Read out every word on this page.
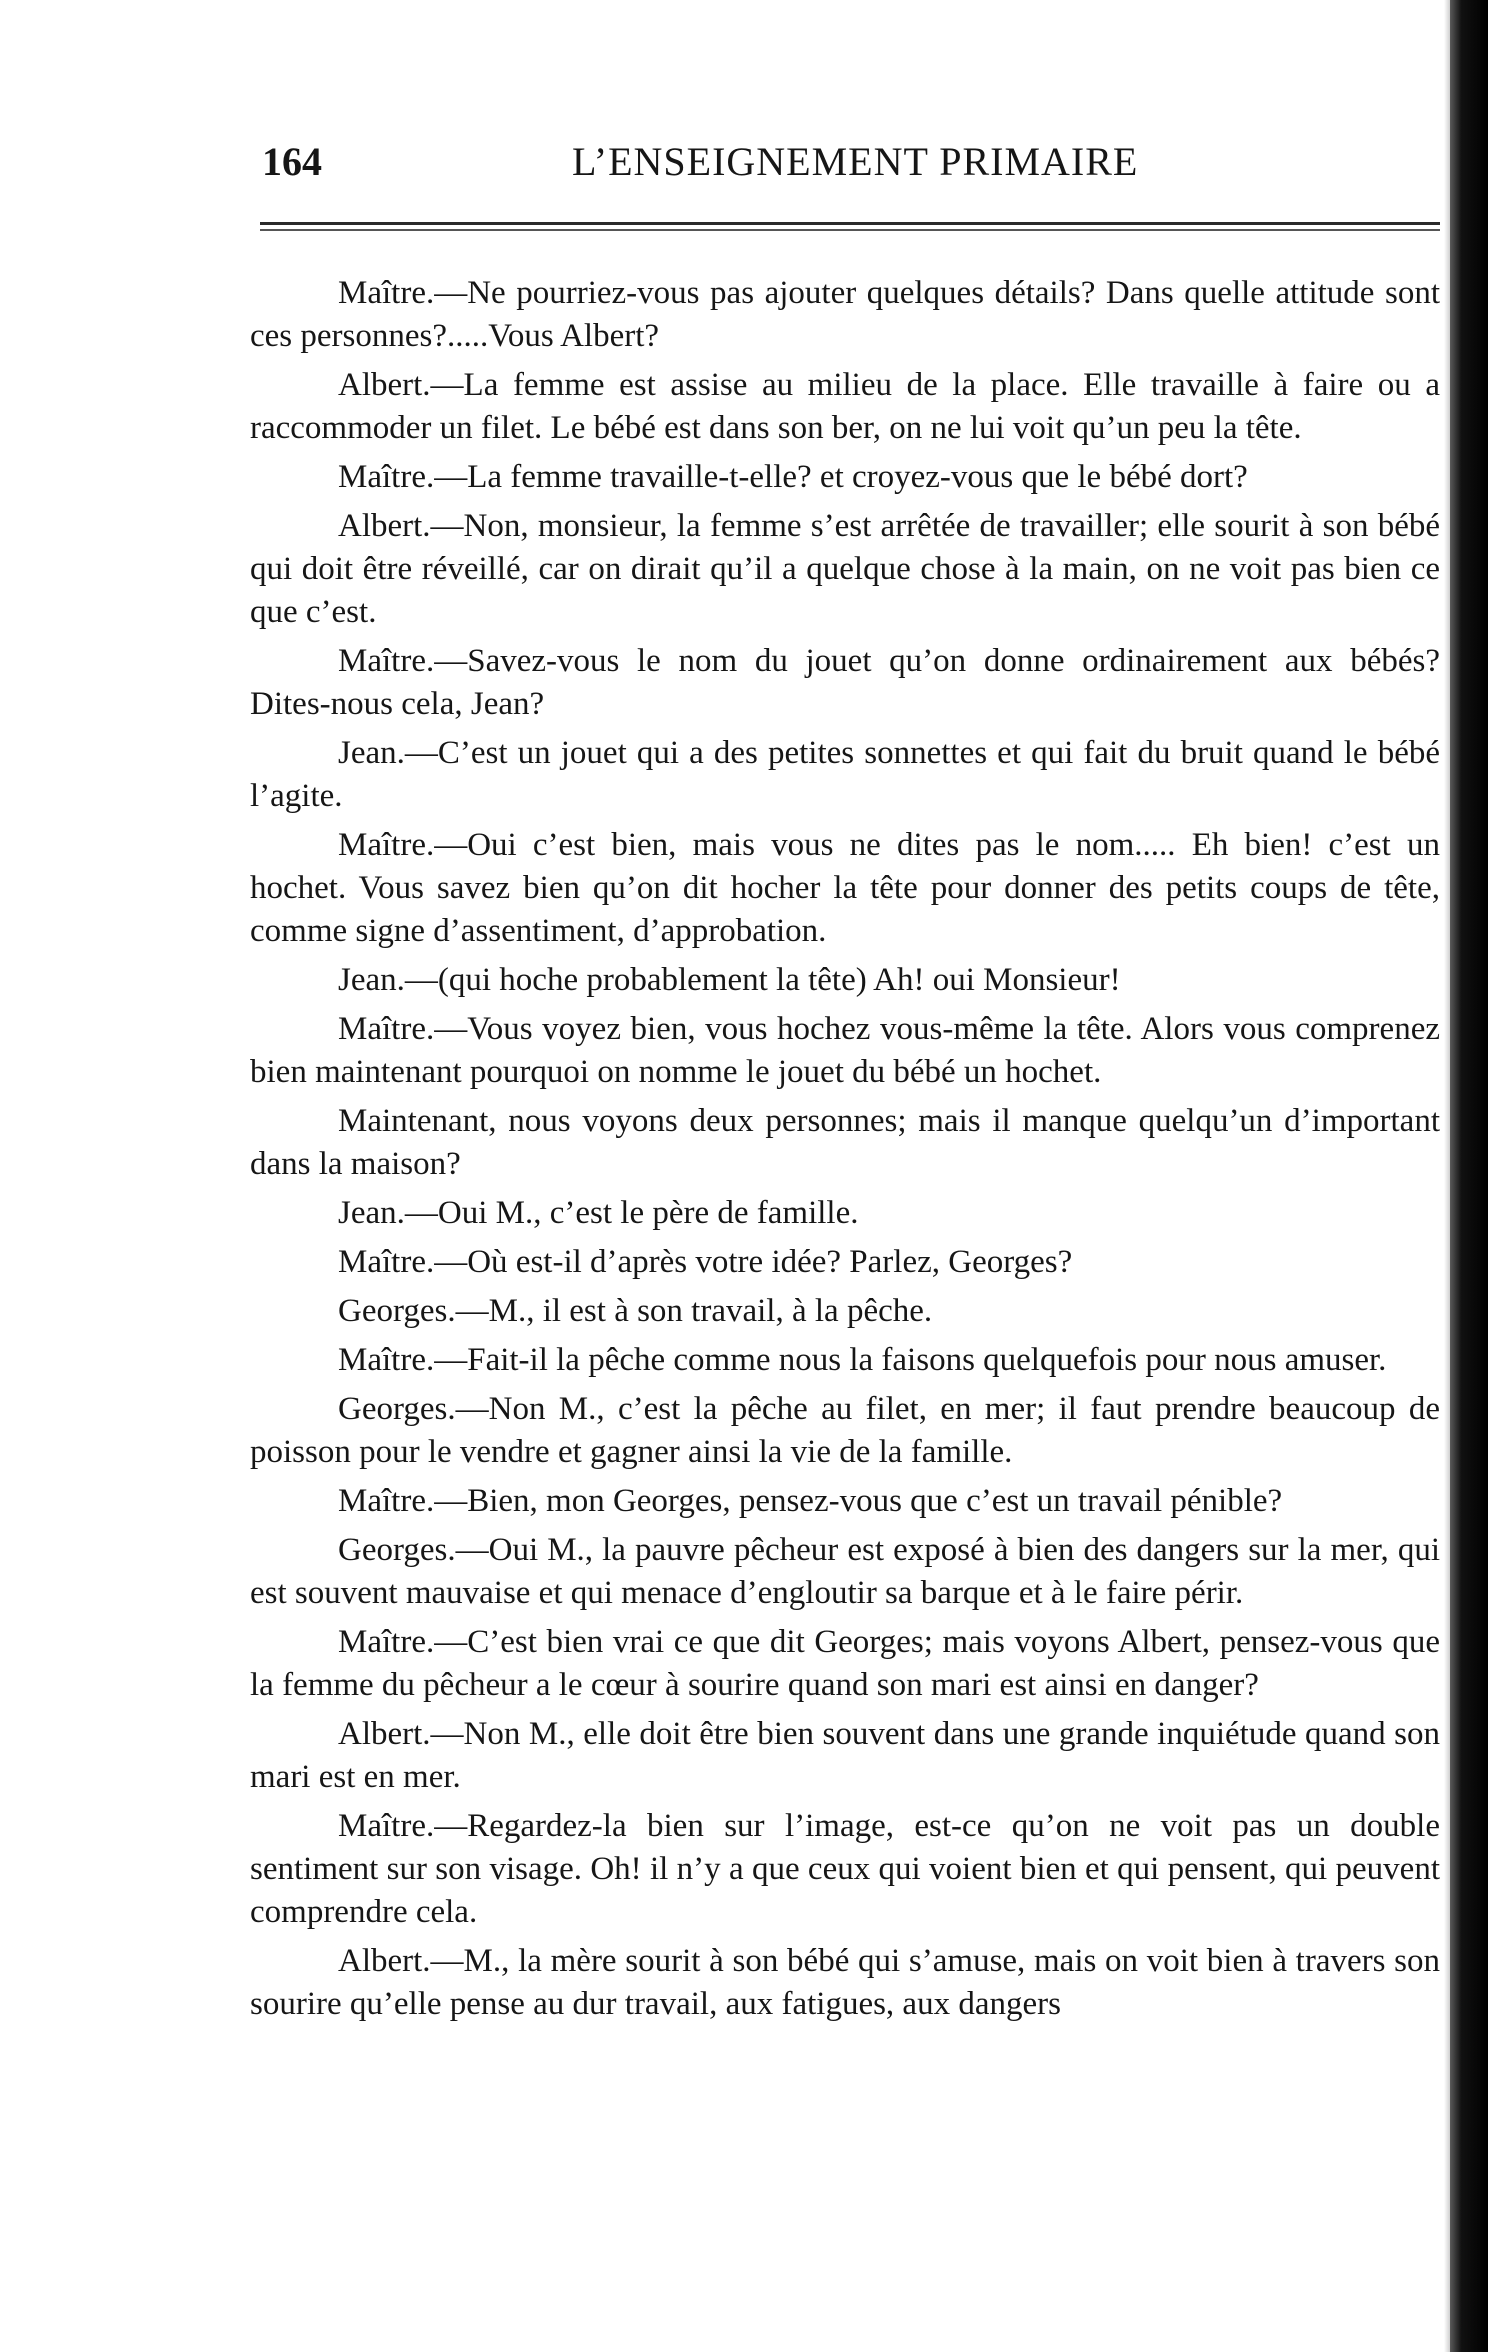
164	L’ENSEIGNEMENT PRIMAIRE

Maître.—Ne pourriez-vous pas ajouter quelques détails? Dans quelle attitude sont ces personnes?.....Vous Albert?

Albert.—La femme est assise au milieu de la place. Elle travaille à faire ou a raccommoder un filet. Le bébé est dans son ber, on ne lui voit qu’un peu la tête.

Maître.—La femme travaille-t-elle? et croyez-vous que le bébé dort?

Albert.—Non, monsieur, la femme s’est arrêtée de travailler; elle sourit à son bébé qui doit être réveillé, car on dirait qu’il a quelque chose à la main, on ne voit pas bien ce que c’est.

Maître.—Savez-vous le nom du jouet qu’on donne ordinairement aux bébés? Dites-nous cela, Jean?

Jean.—C’est un jouet qui a des petites sonnettes et qui fait du bruit quand le bébé l’agite.

Maître.—Oui c’est bien, mais vous ne dites pas le nom..... Eh bien! c’est un hochet. Vous savez bien qu’on dit hocher la tête pour donner des petits coups de tête, comme signe d’assentiment, d’approbation.

Jean.—(qui hoche probablement la tête) Ah! oui Monsieur!

Maître.—Vous voyez bien, vous hochez vous-même la tête. Alors vous comprenez bien maintenant pourquoi on nomme le jouet du bébé un hochet.

Maintenant, nous voyons deux personnes; mais il manque quelqu’un d’important dans la maison?

Jean.—Oui M., c’est le père de famille.

Maître.—Où est-il d’après votre idée? Parlez, Georges?

Georges.—M., il est à son travail, à la pêche.

Maître.—Fait-il la pêche comme nous la faisons quelquefois pour nous amuser.

Georges.—Non M., c’est la pêche au filet, en mer; il faut prendre beaucoup de poisson pour le vendre et gagner ainsi la vie de la famille.

Maître.—Bien, mon Georges, pensez-vous que c’est un travail pénible?

Georges.—Oui M., la pauvre pêcheur est exposé à bien des dangers sur la mer, qui est souvent mauvaise et qui menace d’engloutir sa barque et à le faire périr.

Maître.—C’est bien vrai ce que dit Georges; mais voyons Albert, pensez-vous que la femme du pêcheur a le cœur à sourire quand son mari est ainsi en danger?

Albert.—Non M., elle doit être bien souvent dans une grande inquiétude quand son mari est en mer.

Maître.—Regardez-la bien sur l’image, est-ce qu’on ne voit pas un double sentiment sur son visage. Oh! il n’y a que ceux qui voient bien et qui pensent, qui peuvent comprendre cela.

Albert.—M., la mère sourit à son bébé qui s’amuse, mais on voit bien à travers son sourire qu’elle pense au dur travail, aux fatigues, aux dangers
